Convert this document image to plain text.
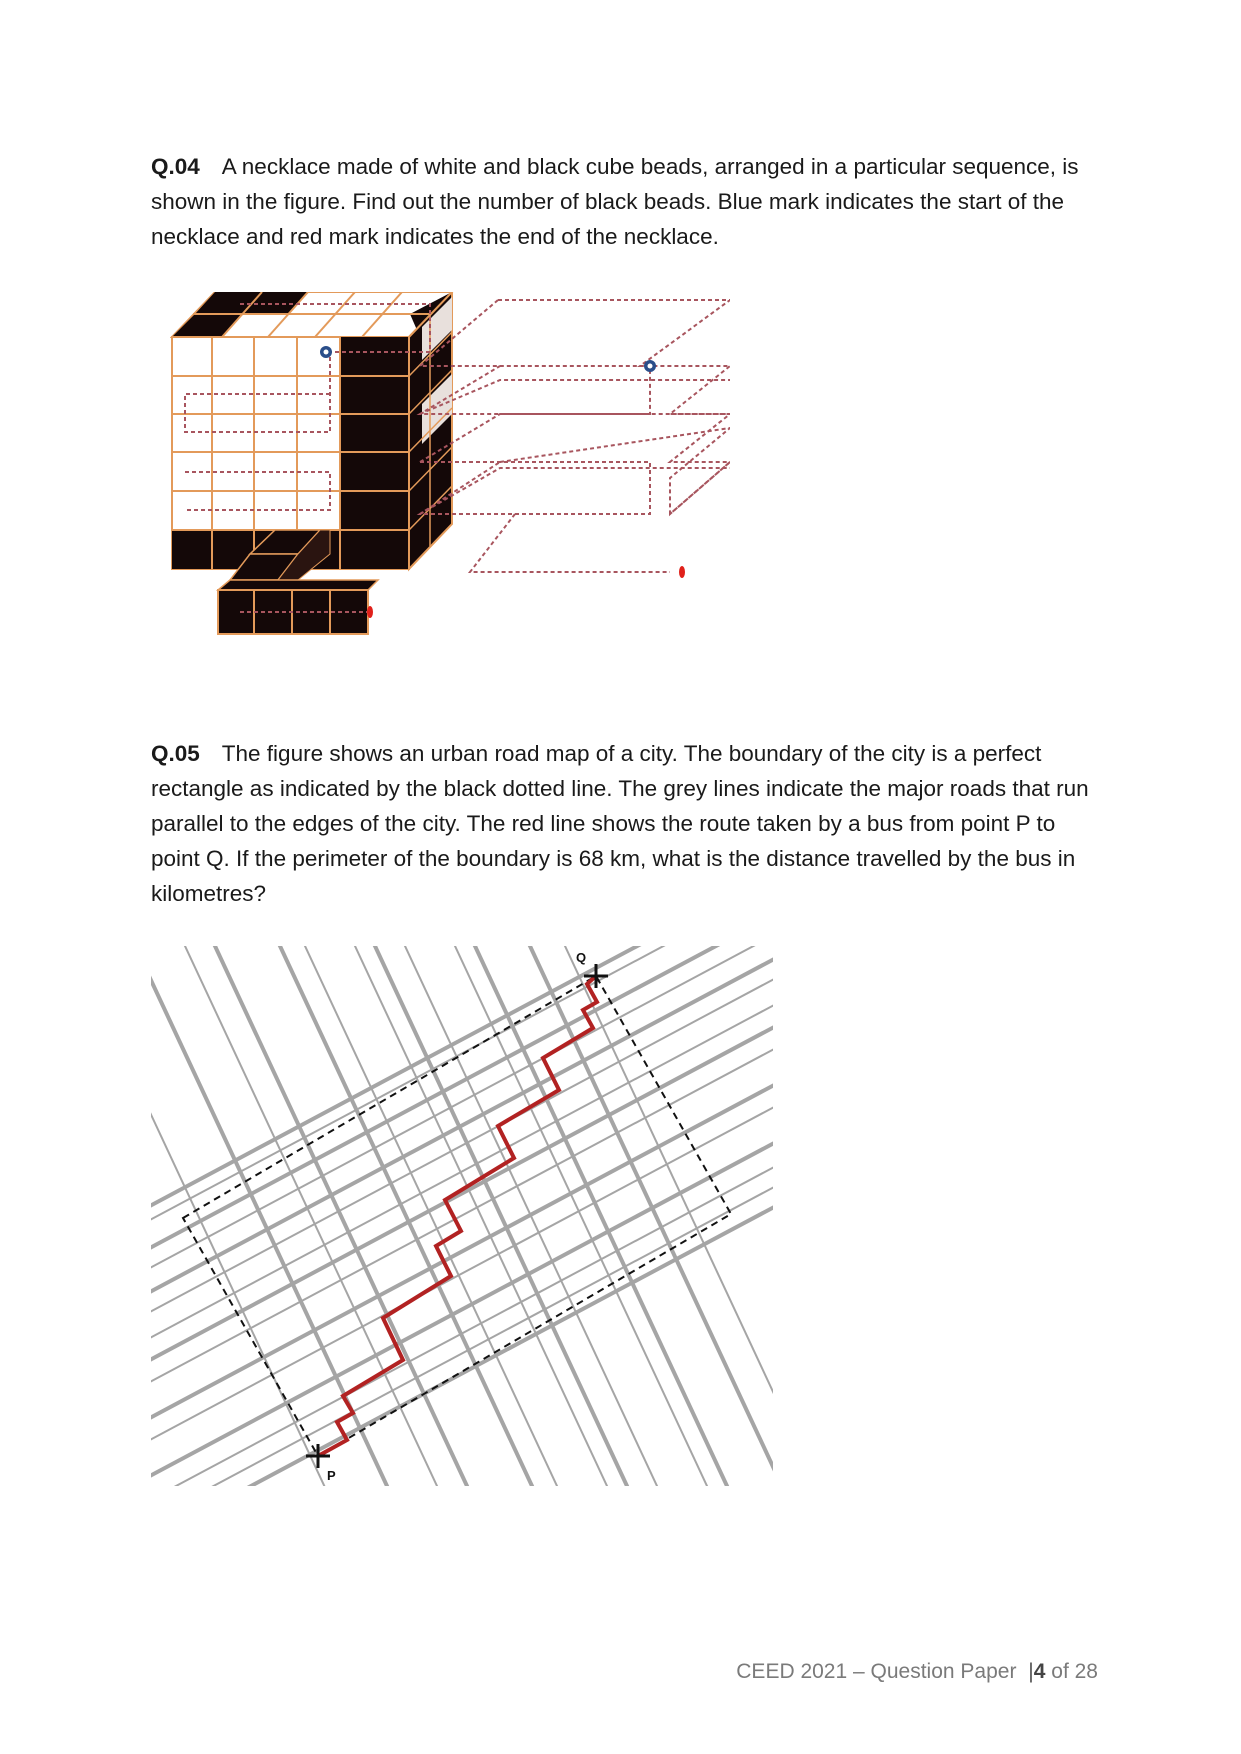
Q.04 A necklace made of white and black cube beads, arranged in a particular sequence, is shown in the figure. Find out the number of black beads. Blue mark indicates the start of the necklace and red mark indicates the end of the necklace.
Q.05 The figure shows an urban road map of a city. The boundary of the city is a perfect rectangle as indicated by the black dotted line. The grey lines indicate the major roads that run parallel to the edges of the city. The red line shows the route taken by a bus from point P to point Q. If the perimeter of the boundary is 68 km, what is the distance travelled by the bus in kilometres?
P
Q
CEED 2021 – Question Paper |4 of 28
